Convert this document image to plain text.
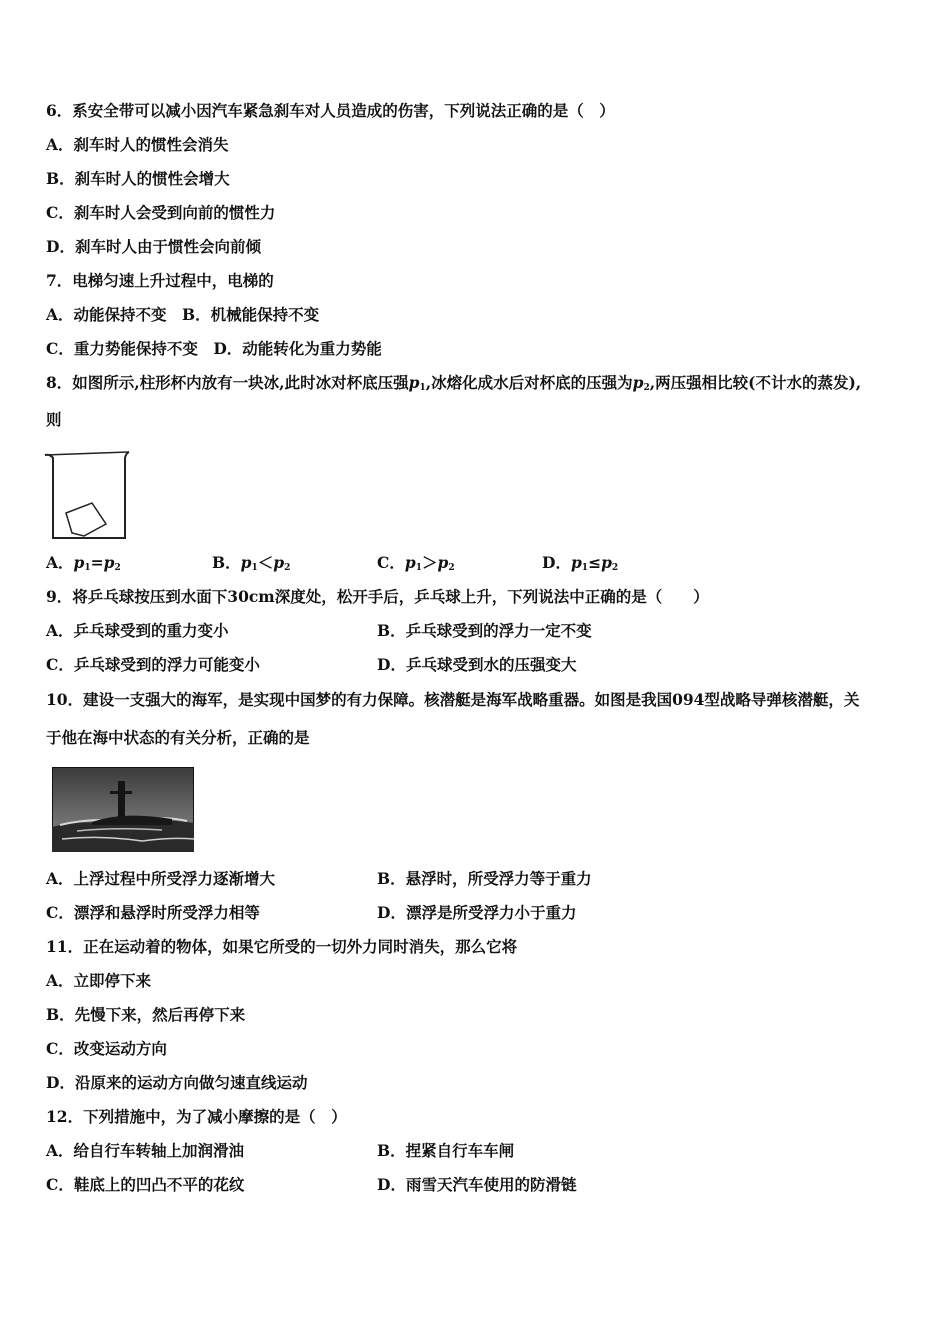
6．系安全带可以减小因汽车紧急刹车对人员造成的伤害，下列说法正确的是（　）
A．刹车时人的惯性会消失
B．刹车时人的惯性会增大
C．刹车时人会受到向前的惯性力
D．刹车时人由于惯性会向前倾
7．电梯匀速上升过程中，电梯的
A．动能保持不变　B．机械能保持不变
C．重力势能保持不变　D．动能转化为重力势能
8．如图所示,柱形杯内放有一块冰,此时冰对杯底压强$p_1$,冰熔化成水后对杯底的压强为$p_2$,两压强相比较(不计水的蒸发),
则
A．$p_1=p_2$	B．$p_1<p_2$	C．$p_1>p_2$	D．$p_1\le p_2$
9．将乒乓球按压到水面下30cm深度处，松开手后，乒乓球上升，下列说法中正确的是（　　）
A．乒乓球受到的重力变小	B．乒乓球受到的浮力一定不变
C．乒乓球受到的浮力可能变小	D．乒乓球受到水的压强变大
10．建设一支强大的海军，是实现中国梦的有力保障。核潜艇是海军战略重器。如图是我国094型战略导弹核潜艇，关
于他在海中状态的有关分析，正确的是
A．上浮过程中所受浮力逐渐增大	B．悬浮时，所受浮力等于重力
C．漂浮和悬浮时所受浮力相等	D．漂浮是所受浮力小于重力
11．正在运动着的物体，如果它所受的一切外力同时消失，那么它将
A．立即停下来
B．先慢下来，然后再停下来
C．改变运动方向
D．沿原来的运动方向做匀速直线运动
12．下列措施中，为了减小摩擦的是（　）
A．给自行车转轴上加润滑油	B．捏紧自行车车闸
C．鞋底上的凹凸不平的花纹	D．雨雪天汽车使用的防滑链
